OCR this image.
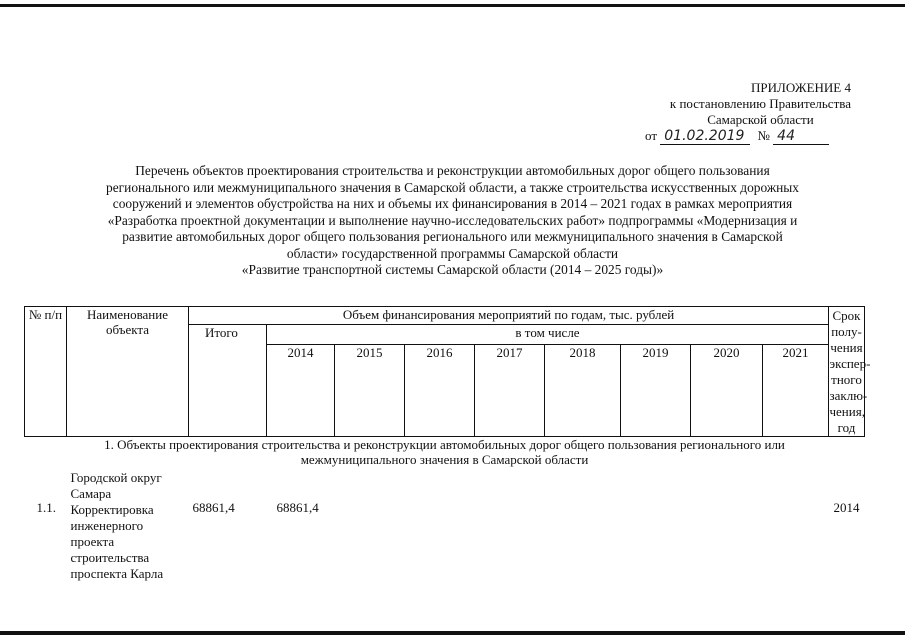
ПРИЛОЖЕНИЕ 4
к постановлению Правительства
Самарской области
от 01.02.2019 № 44
Перечень объектов проектирования строительства и реконструкции автомобильных дорог общего пользования
регионального или межмуниципального значения в Самарской области, а также строительства искусственных дорожных
сооружений и элементов обустройства на них и объемы их финансирования в 2014 – 2021 годах в рамках мероприятия
«Разработка проектной документации и выполнение научно-исследовательских работ» подпрограммы «Модернизация и
развитие автомобильных дорог общего пользования регионального или межмуниципального значения в Самарской
области» государственной программы Самарской области
«Развитие транспортной системы Самарской области (2014 – 2025 годы)»
№ п/п	Наименование объекта	Объем финансирования мероприятий по годам, тыс. рублей									Срок полу-чения экспер-тного заклю-чения, год

		Итого	в том числе								
			2014	2015	2016	2017	2018	2019	2020	2021	

1. Объекты проектирования строительства и реконструкции автомобильных дорог общего пользования регионального или межмуниципального значения в Самарской области											

1.1.	Городской округ Самара Корректировка инженерного проекта строительства проспекта Карла	68861,4	68861,4								2014
